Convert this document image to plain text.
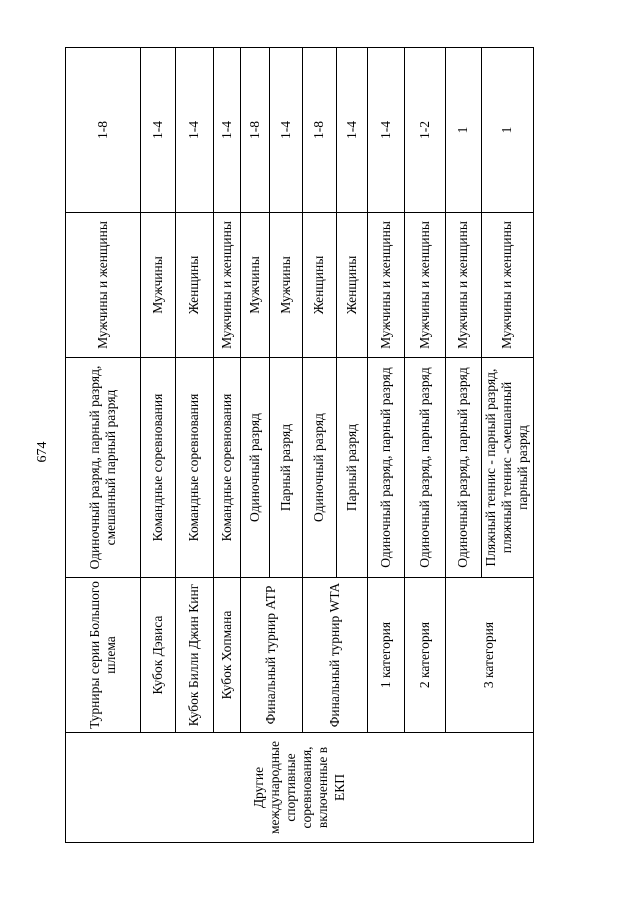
674
Другие международные спортивные соревнования, включенные в ЕКП	Турниры серии Большого шлема	Одиночный разряд, парный разряд, смешанный парный разряд	Мужчины и женщины	1-8
	Кубок Дэвиса	Командные соревнования	Мужчины	1-4
	Кубок Билли Джин Кинг	Командные соревнования	Женщины	1-4
	Кубок Хопмана	Командные соревнования	Мужчины и женщины	1-4
	Финальный турнир ATP	Одиночный разряд	Мужчины	1-8
		Парный разряд	Мужчины	1-4
	Финальный турнир WTA	Одиночный разряд	Женщины	1-8
		Парный разряд	Женщины	1-4
	1 категория	Одиночный разряд, парный разряд	Мужчины и женщины	1-4
	2 категория	Одиночный разряд, парный разряд	Мужчины и женщины	1-2
	3 категория	Одиночный разряд, парный разряд	Мужчины и женщины	1
		Пляжный теннис - парный разряд, пляжный теннис -смешанный парный разряд	Мужчины и женщины	1
